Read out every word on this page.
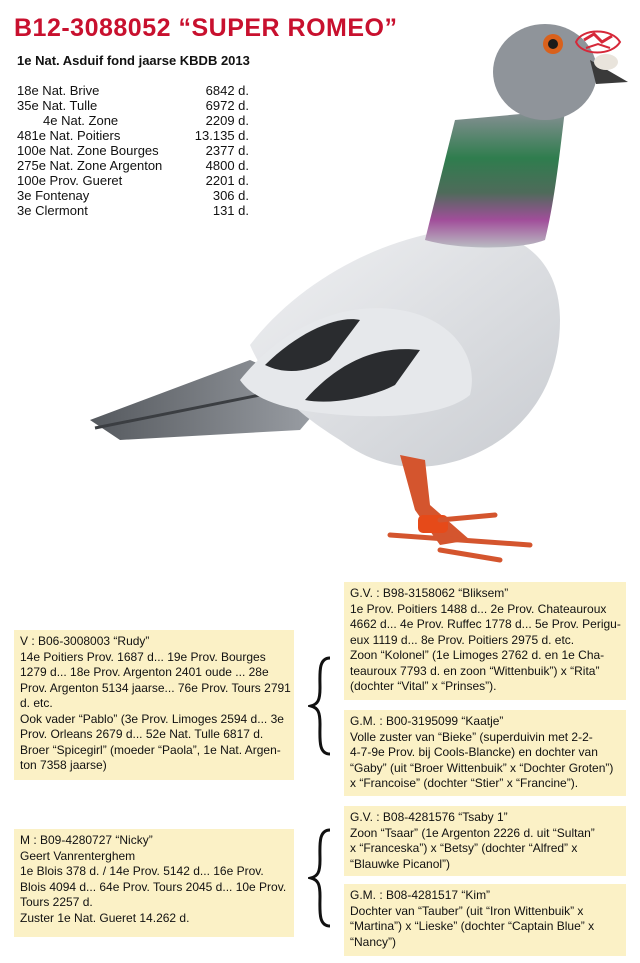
B12-3088052 “SUPER ROMEO”
1e Nat. Asduif fond jaarse KBDB 2013
18e Nat. Brive	6842 d.
35e Nat. Tulle	6972 d.
4e Nat. Zone	2209 d.
481e Nat. Poitiers	13.135 d.
100e Nat. Zone Bourges	2377 d.
275e Nat. Zone Argenton	4800 d.
100e Prov. Gueret	2201 d.
3e Fontenay	306 d.
3e Clermont	131 d.
V : B06-3008003 “Rudy”
14e Poitiers Prov. 1687 d... 19e Prov. Bourges
1279 d... 18e Prov. Argenton 2401 oude ... 28e
Prov. Argenton 5134 jaarse... 76e Prov. Tours 2791
d. etc.
Ook vader “Pablo” (3e Prov. Limoges 2594 d... 3e
Prov. Orleans 2679 d... 52e Nat. Tulle 6817 d.
Broer “Spicegirl” (moeder “Paola”, 1e Nat. Argen-
ton 7358 jaarse)
M : B09-4280727 “Nicky”
Geert Vanrenterghem
1e Blois 378 d. / 14e Prov. 5142 d... 16e Prov.
Blois 4094 d... 64e Prov. Tours 2045 d... 10e Prov.
Tours 2257 d.
Zuster 1e Nat. Gueret 14.262 d.
G.V. : B98-3158062 “Bliksem”
1e Prov. Poitiers 1488 d... 2e Prov. Chateauroux
4662 d... 4e Prov. Ruffec 1778 d... 5e Prov. Perigu-
eux 1119 d... 8e Prov. Poitiers 2975 d. etc.
Zoon “Kolonel” (1e Limoges 2762 d. en 1e Cha-
teauroux 7793 d. en zoon “Wittenbuik”) x “Rita”
(dochter “Vital” x “Prinses”).
G.M. : B00-3195099 “Kaatje”
Volle zuster van “Bieke” (superduivin met 2-2-
4-7-9e Prov. bij Cools-Blancke) en dochter van
“Gaby” (uit “Broer Wittenbuik” x “Dochter Groten”)
x “Francoise” (dochter “Stier” x “Francine”).
G.V. : B08-4281576 “Tsaby 1”
Zoon “Tsaar” (1e Argenton 2226 d. uit “Sultan”
x “Franceska”) x “Betsy” (dochter “Alfred” x
“Blauwke Picanol”)
G.M. : B08-4281517 “Kim”
Dochter van “Tauber” (uit “Iron Wittenbuik” x
“Martina”) x “Lieske” (dochter “Captain Blue” x
“Nancy”)
